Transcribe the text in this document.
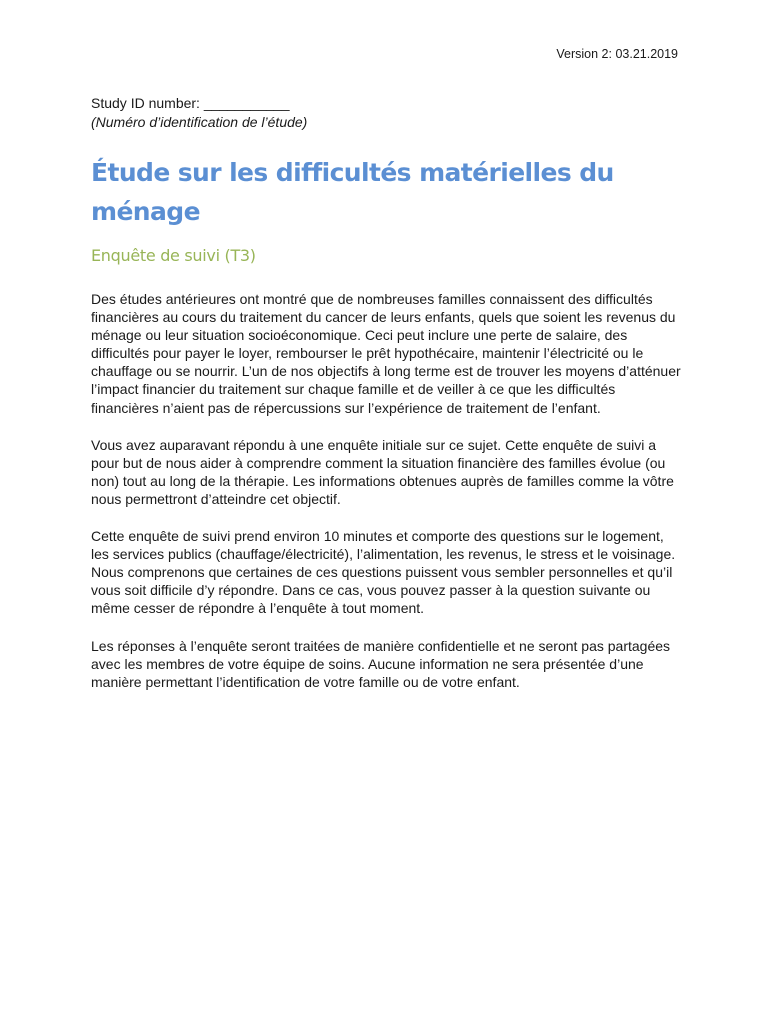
Version 2: 03.21.2019
Study ID number: ___________
(Numéro d’identification de l’étude)
Étude sur les difficultés matérielles du ménage
Enquête de suivi (T3)

Des études antérieures ont montré que de nombreuses familles connaissent des difficultés financières au cours du traitement du cancer de leurs enfants, quels que soient les revenus du ménage ou leur situation socioéconomique. Ceci peut inclure une perte de salaire, des difficultés pour payer le loyer, rembourser le prêt hypothécaire, maintenir l’électricité ou le chauffage ou se nourrir. L’un de nos objectifs à long terme est de trouver les moyens d’atténuer l’impact financier du traitement sur chaque famille et de veiller à ce que les difficultés financières n’aient pas de répercussions sur l’expérience de traitement de l’enfant.

Vous avez auparavant répondu à une enquête initiale sur ce sujet. Cette enquête de suivi a pour but de nous aider à comprendre comment la situation financière des familles évolue (ou non) tout au long de la thérapie. Les informations obtenues auprès de familles comme la vôtre nous permettront d’atteindre cet objectif.

Cette enquête de suivi prend environ 10 minutes et comporte des questions sur le logement, les services publics (chauffage/électricité), l’alimentation, les revenus, le stress et le voisinage. Nous comprenons que certaines de ces questions puissent vous sembler personnelles et qu’il vous soit difficile d’y répondre. Dans ce cas, vous pouvez passer à la question suivante ou même cesser de répondre à l’enquête à tout moment.

Les réponses à l’enquête seront traitées de manière confidentielle et ne seront pas partagées avec les membres de votre équipe de soins. Aucune information ne sera présentée d’une manière permettant l’identification de votre famille ou de votre enfant.
